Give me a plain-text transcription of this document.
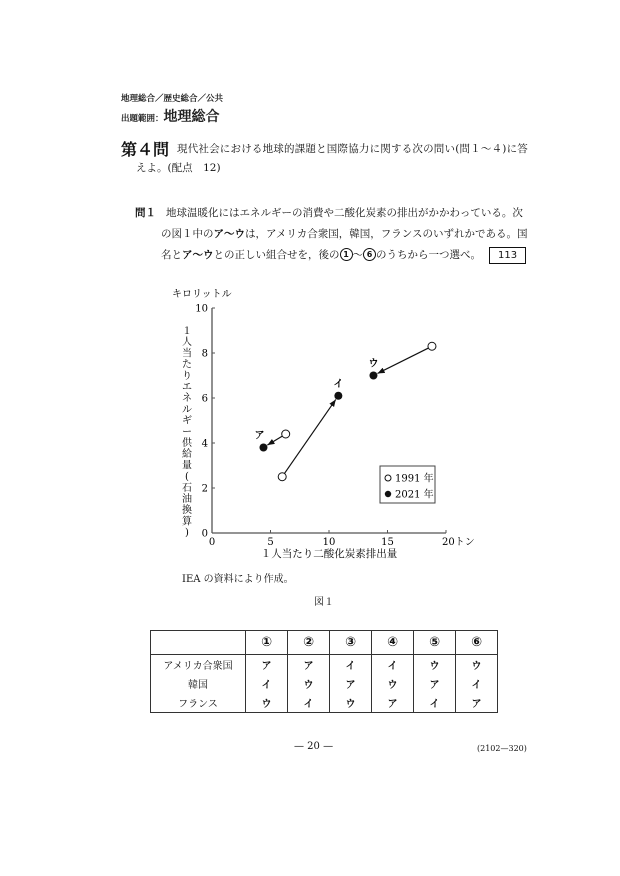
地理総合／歴史総合／公共
出題範囲：地理総合
第４問 現代社会における地球的課題と国際協力に関する次の問い(問１～４)に答
えよ。(配点　12)
問１ 地球温暖化にはエネルギーの消費や二酸化炭素の排出がかかわっている。次
の図１中のア～ウは，アメリカ合衆国，韓国，フランスのいずれかである。国
名とア～ウとの正しい組合せを，後の 1 ～ 6 のうちから一つ選べ。 113
キロリットル
１
人
当
た
り
エ
ネ
ル
ギ
ー
供
給
量
(
石
油
換
算
) 0
2
4
6
8
10
0	5	10	15	20トン
ア
イ
ウ
1991 年
2021 年
１人当たり二酸化炭素排出量
IEA の資料により作成。
図１
	①	②	③	④	⑤	⑥
アメリカ合衆国	ア	ア	イ	イ	ウ	ウ
韓国	イ	ウ	ア	ウ	ア	イ
フランス	ウ	イ	ウ	ア	イ	ア
— 20 —	(2102—320)
